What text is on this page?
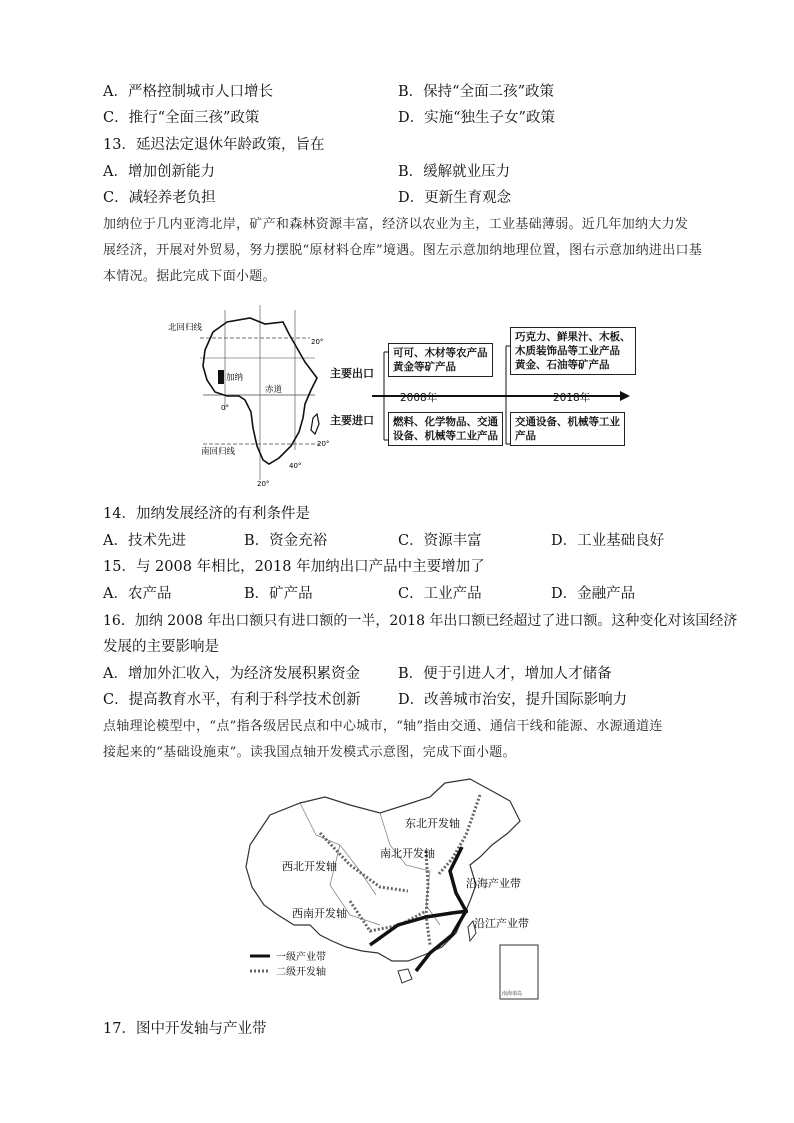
A．严格控制城市人口增长	B．保持“全面二孩”政策
C．推行“全面三孩”政策	D．实施“独生子女”政策
13．延迟法定退休年龄政策，旨在
A．增加创新能力	B．缓解就业压力
C．减轻养老负担	D．更新生育观念
加纳位于几内亚湾北岸，矿产和森林资源丰富，经济以农业为主，工业基础薄弱。近几年加纳大力发
展经济，开展对外贸易，努力摆脱“原材料仓库”境遇。图左示意加纳地理位置，图右示意加纳进出口基
本情况。据此完成下面小题。
北回归线
20°
加纳
赤道
0°
南回归线
20°
40°
20°
主要出口
主要进口
2008年	2018年
可可、木材等农产品
黄金等矿产品
燃料、化学物品、交通
设备、机械等工业产品
巧克力、鲜果汁、木板、
木质装饰品等工业产品
黄金、石油等矿产品
交通设备、机械等工业
产品
14．加纳发展经济的有利条件是
A．技术先进	B．资金充裕	C．资源丰富	D．工业基础良好
15．与 2008 年相比，2018 年加纳出口产品中主要增加了
A．农产品	B．矿产品	C．工业产品	D．金融产品
16．加纳 2008 年出口额只有进口额的一半，2018 年出口额已经超过了进口额。这种变化对该国经济
发展的主要影响是
A．增加外汇收入，为经济发展积累资金	B．便于引进人才，增加人才储备
C．提高教育水平，有利于科学技术创新	D．改善城市治安，提升国际影响力
点轴理论模型中，“点”指各级居民点和中心城市，“轴”指由交通、通信干线和能源、水源通道连
接起来的“基础设施束”。读我国点轴开发模式示意图，完成下面小题。
南海诸岛
东北开发轴
南北开发轴
西北开发轴
沿海产业带
西南开发轴
沿江产业带
一级产业带
二级开发轴
17．图中开发轴与产业带
